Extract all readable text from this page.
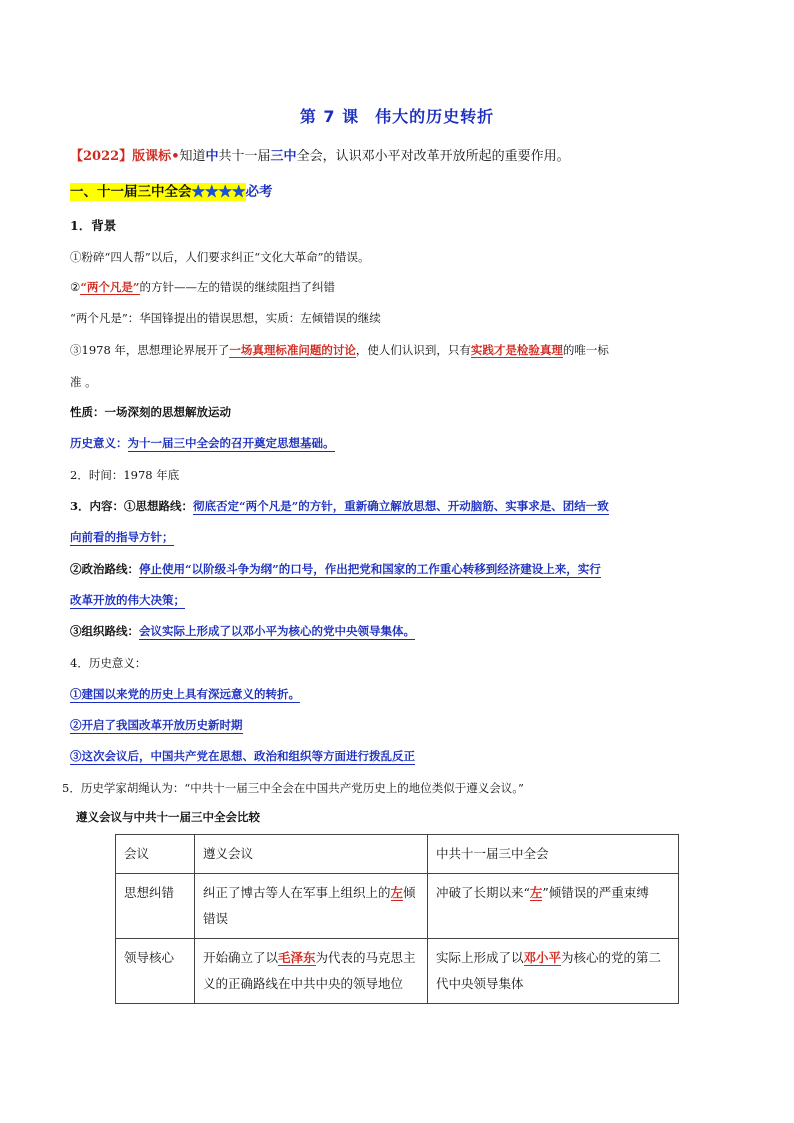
第 7 课 伟大的历史转折
【2022】版课标•知道中共十一届三中全会，认识邓小平对改革开放所起的重要作用。
一、十一届三中全会★★★★必考
1．背景
①粉碎“四人帮”以后，人们要求纠正“文化大革命”的错误。
②“两个凡是”的方针——左的错误的继续阻挡了纠错
“两个凡是”：华国锋提出的错误思想，实质：左倾错误的继续
③1978 年，思想理论界展开了一场真理标准问题的讨论，使人们认识到，只有实践才是检验真理的唯一标
准 。
性质：一场深刻的思想解放运动
历史意义：为十一届三中全会的召开奠定思想基础。
2．时间：1978 年底
3．内容：①思想路线：彻底否定“两个凡是”的方针，重新确立解放思想、开动脑筋、实事求是、团结一致
向前看的指导方针；
②政治路线：停止使用“以阶级斗争为纲”的口号，作出把党和国家的工作重心转移到经济建设上来，实行
改革开放的伟大决策；
③组织路线：会议实际上形成了以邓小平为核心的党中央领导集体。
4．历史意义：
①建国以来党的历史上具有深远意义的转折。
②开启了我国改革开放历史新时期
③这次会议后，中国共产党在思想、政治和组织等方面进行拨乱反正
5．历史学家胡绳认为：“中共十一届三中全会在中国共产党历史上的地位类似于遵义会议。”
遵义会议与中共十一届三中全会比较
会议	遵义会议	中共十一届三中全会
思想纠错	纠正了博古等人在军事上组织上的左倾错误	冲破了长期以来“左”倾错误的严重束缚
领导核心	开始确立了以毛泽东为代表的马克思主义的正确路线在中共中央的领导地位	实际上形成了以邓小平为核心的党的第二代中央领导集体
